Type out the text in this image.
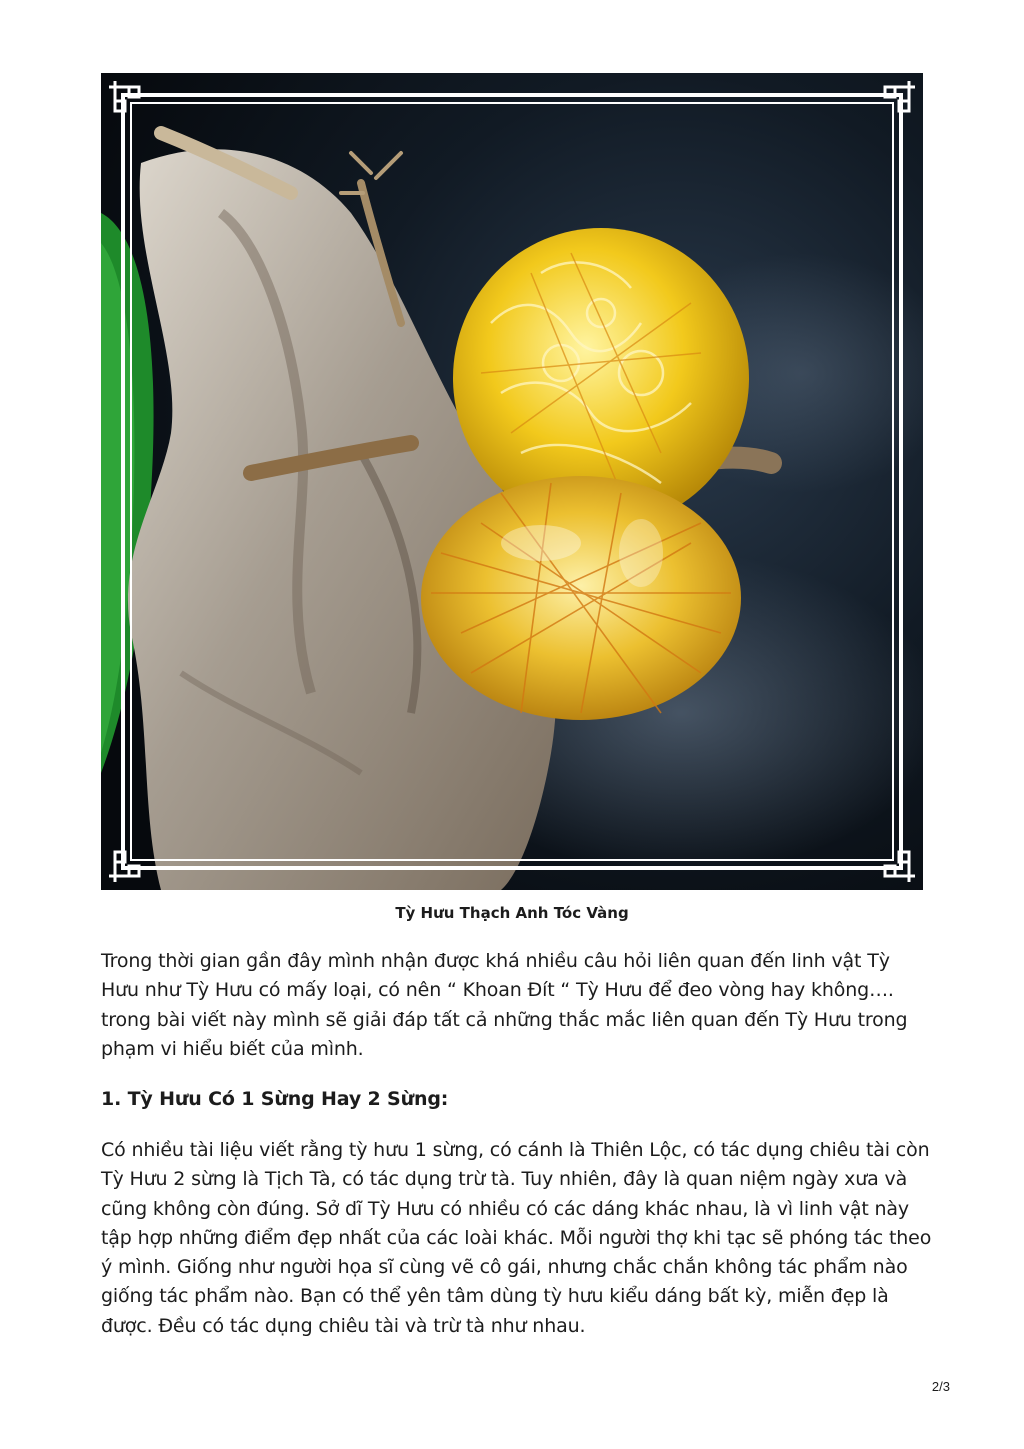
Tỳ Hưu Thạch Anh Tóc Vàng

Trong thời gian gần đây mình nhận được khá nhiều câu hỏi liên quan đến linh vật Tỳ Hưu như Tỳ Hưu có mấy loại, có nên “ Khoan Đít “ Tỳ Hưu để đeo vòng hay không…. trong bài viết này mình sẽ giải đáp tất cả những thắc mắc liên quan đến Tỳ Hưu trong phạm vi hiểu biết của mình.

1. Tỳ Hưu Có 1 Sừng Hay 2 Sừng:

Có nhiều tài liệu viết rằng tỳ hưu 1 sừng, có cánh là Thiên Lộc, có tác dụng chiêu tài còn Tỳ Hưu 2 sừng là Tịch Tà, có tác dụng trừ tà. Tuy nhiên, đây là quan niệm ngày xưa và cũng không còn đúng. Sở dĩ Tỳ Hưu có nhiều có các dáng khác nhau, là vì linh vật này tập hợp những điểm đẹp nhất của các loài khác. Mỗi người thợ khi tạc sẽ phóng tác theo ý mình. Giống như người họa sĩ cùng vẽ cô gái, nhưng chắc chắn không tác phẩm nào giống tác phẩm nào. Bạn có thể yên tâm dùng tỳ hưu kiểu dáng bất kỳ, miễn đẹp là được. Đều có tác dụng chiêu tài và trừ tà như nhau.

2/3
